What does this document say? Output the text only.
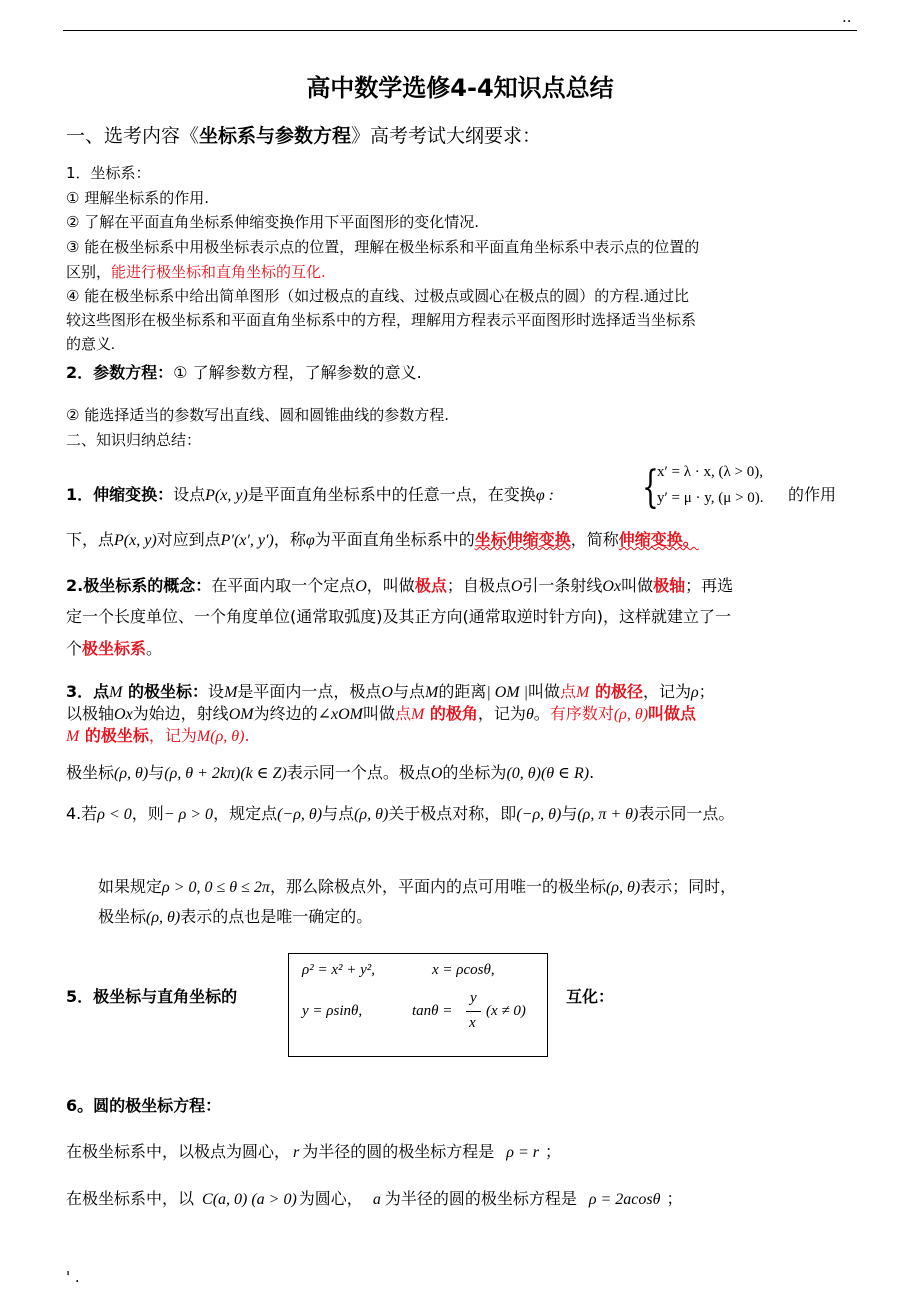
..
高中数学选修4-4知识点总结
一、选考内容《坐标系与参数方程》高考考试大纲要求：
1．坐标系：
① 理解坐标系的作用.
② 了解在平面直角坐标系伸缩变换作用下平面图形的变化情况.
③ 能在极坐标系中用极坐标表示点的位置，理解在极坐标系和平面直角坐标系中表示点的位置的
区别，能进行极坐标和直角坐标的互化.
④ 能在极坐标系中给出简单图形（如过极点的直线、过极点或圆心在极点的圆）的方程.通过比
较这些图形在极坐标系和平面直角坐标系中的方程，理解用方程表示平面图形时选择适当坐标系
的意义.
2．参数方程：① 了解参数方程，了解参数的意义.
② 能选择适当的参数写出直线、圆和圆锥曲线的参数方程.
二、知识归纳总结：
1．伸缩变换：设点P(x, y)是平面直角坐标系中的任意一点，在变换φ : {
x′ = λ · x, (λ > 0),
y′ = μ · y, (μ > 0). 的作用
下，点P(x, y)对应到点P′(x′, y′)，称φ为平面直角坐标系中的坐标伸缩变换，简称伸缩变换。
2.极坐标系的概念：在平面内取一个定点O，叫做极点；自极点O引一条射线Ox叫做极轴；再选
定一个长度单位、一个角度单位(通常取弧度)及其正方向(通常取逆时针方向)，这样就建立了一
个极坐标系。
3．点M 的极坐标：设M是平面内一点，极点O与点M的距离| OM |叫做点M 的极径，记为ρ；
以极轴Ox为始边，射线OM为终边的∠xOM叫做点M 的极角，记为θ。有序数对(ρ, θ)叫做点
M 的极坐标，记为M(ρ, θ).
极坐标(ρ, θ)与(ρ, θ + 2kπ)(k ∈ Z)表示同一个点。极点O的坐标为(0, θ)(θ ∈ R).
4.若ρ < 0，则− ρ > 0，规定点(−ρ, θ)与点(ρ, θ)关于极点对称，即(−ρ, θ)与(ρ, π + θ)表示同一点。
如果规定ρ > 0, 0 ≤ θ ≤ 2π，那么除极点外，平面内的点可用唯一的极坐标(ρ, θ)表示；同时，
极坐标(ρ, θ)表示的点也是唯一确定的。
5．极坐标与直角坐标的
ρ² = x² + y²,	x = ρcosθ,
y = ρsinθ,	tanθ =
y
x
(x ≠ 0)
互化：
6。圆的极坐标方程：
在极坐标系中，以极点为圆心， r 为半径的圆的极坐标方程是 ρ = r ；
在极坐标系中，以 C(a, 0) (a > 0) 为圆心， a 为半径的圆的极坐标方程是 ρ = 2acosθ ；
' .
